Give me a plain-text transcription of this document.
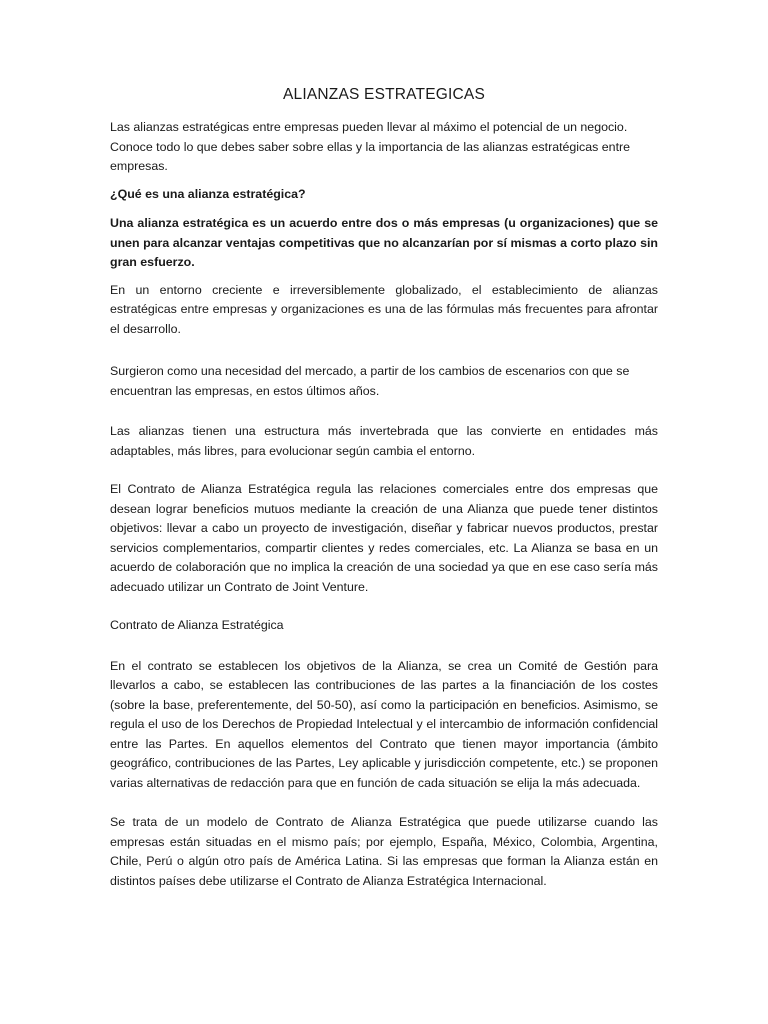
ALIANZAS ESTRATEGICAS

Las alianzas estratégicas entre empresas pueden llevar al máximo el potencial de un negocio. Conoce todo lo que debes saber sobre ellas y la importancia de las alianzas estratégicas entre empresas.

¿Qué es una alianza estratégica?

Una alianza estratégica es un acuerdo entre dos o más empresas (u organizaciones) que se unen para alcanzar ventajas competitivas que no alcanzarían por sí mismas a corto plazo sin gran esfuerzo.

En un entorno creciente e irreversiblemente globalizado, el establecimiento de alianzas estratégicas entre empresas y organizaciones es una de las fórmulas más frecuentes para afrontar el desarrollo.

Surgieron como una necesidad del mercado, a partir de los cambios de escenarios con que se encuentran las empresas, en estos últimos años.

Las alianzas tienen una estructura más invertebrada que las convierte en entidades más adaptables, más libres, para evolucionar según cambia el entorno.

El Contrato de Alianza Estratégica regula las relaciones comerciales entre dos empresas que desean lograr beneficios mutuos mediante la creación de una Alianza que puede tener distintos objetivos: llevar a cabo un proyecto de investigación, diseñar y fabricar nuevos productos, prestar servicios complementarios, compartir clientes y redes comerciales, etc. La Alianza se basa en un acuerdo de colaboración que no implica la creación de una sociedad ya que en ese caso sería más adecuado utilizar un Contrato de Joint Venture.

Contrato de Alianza Estratégica

En el contrato se establecen los objetivos de la Alianza, se crea un Comité de Gestión para llevarlos a cabo, se establecen las contribuciones de las partes a la financiación de los costes (sobre la base, preferentemente, del 50-50), así como la participación en beneficios. Asimismo, se regula el uso de los Derechos de Propiedad Intelectual y el intercambio de información confidencial entre las Partes. En aquellos elementos del Contrato que tienen mayor importancia (ámbito geográfico, contribuciones de las Partes, Ley aplicable y jurisdicción competente, etc.) se proponen varias alternativas de redacción para que en función de cada situación se elija la más adecuada.

Se trata de un modelo de Contrato de Alianza Estratégica que puede utilizarse cuando las empresas están situadas en el mismo país; por ejemplo, España, México, Colombia, Argentina, Chile, Perú o algún otro país de América Latina. Si las empresas que forman la Alianza están en distintos países debe utilizarse el Contrato de Alianza Estratégica Internacional.
